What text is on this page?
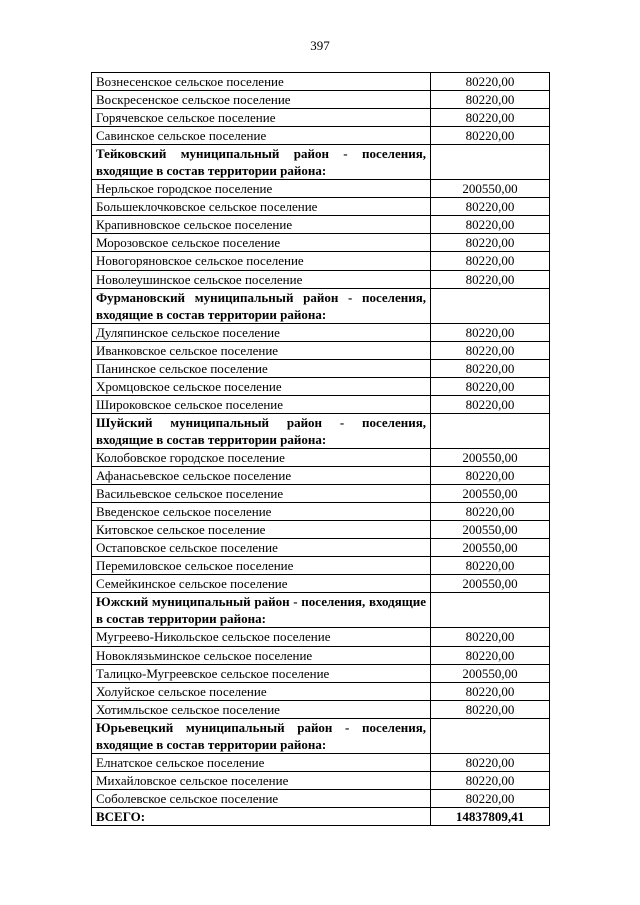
397
Вознесенское сельское поселение	80220,00
Воскресенское сельское поселение	80220,00
Горячевское сельское поселение	80220,00
Савинское сельское поселение	80220,00
Тейковский муниципальный район - поселения, входящие в состав территории района:	
Нерльское городское поселение	200550,00
Большеклочковское сельское поселение	80220,00
Крапивновское сельское поселение	80220,00
Морозовское сельское поселение	80220,00
Новогоряновское сельское поселение	80220,00
Новолеушинское сельское поселение	80220,00
Фурмановский муниципальный район - поселения, входящие в состав территории района:	
Дуляпинское сельское поселение	80220,00
Иванковское сельское поселение	80220,00
Панинское сельское поселение	80220,00
Хромцовское сельское поселение	80220,00
Широковское сельское поселение	80220,00
Шуйский муниципальный район - поселения, входящие в состав территории района:	
Колобовское городское поселение	200550,00
Афанасьевское сельское поселение	80220,00
Васильевское сельское поселение	200550,00
Введенское сельское поселение	80220,00
Китовское сельское поселение	200550,00
Остаповское сельское поселение	200550,00
Перемиловское сельское поселение	80220,00
Семейкинское сельское поселение	200550,00
Южский муниципальный район - поселения, входящие в состав территории района:	
Мугреево-Никольское сельское поселение	80220,00
Новоклязьминское сельское поселение	80220,00
Талицко-Мугреевское сельское поселение	200550,00
Холуйское сельское поселение	80220,00
Хотимльское сельское поселение	80220,00
Юрьевецкий муниципальный район - поселения, входящие в состав территории района:	
Елнатское сельское поселение	80220,00
Михайловское сельское поселение	80220,00
Соболевское сельское поселение	80220,00
ВСЕГО:	14837809,41
